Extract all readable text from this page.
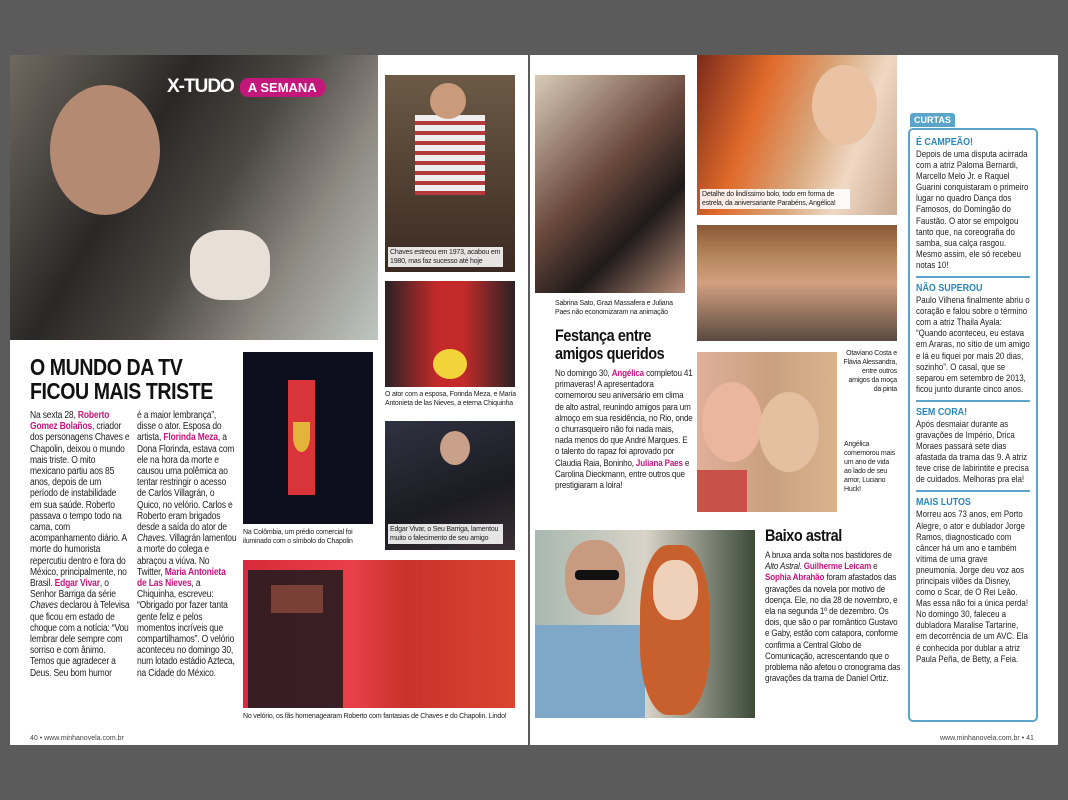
X-TUDO	A SEMANA
O MUNDO DA TV
FICOU MAIS TRISTE
Na sexta 28, Roberto Gomez Bolaños, criador dos personagens Chaves e Chapolin, deixou o mundo mais triste. O mito mexicano partiu aos 85 anos, depois de um período de instabilidade em sua saúde. Roberto passava o tempo todo na cama, com acompanhamento diário. A morte do humorista repercutiu dentro e fora do México, principalmente, no Brasil. Edgar Vivar, o Senhor Barriga da série Chaves declarou à Televisa que ficou em estado de choque com a notícia: “Vou lembrar dele sempre com sorriso e com ânimo. Temos que agradecer a Deus. Seu bom humor
é a maior lembrança”, disse o ator. Esposa do artista, Florinda Meza, a Dona Florinda, estava com ele na hora da morte e causou uma polêmica ao tentar restringir o acesso de Carlos Villagrán, o Quico, no velório. Carlos e Roberto eram brigados desde a saída do ator de Chaves. Villagrán lamentou a morte do colega e abraçou a viúva. No Twitter, Maria Antonieta de Las Nieves, a Chiquinha, escreveu: “Obrigado por fazer tanta gente feliz e pelos momentos incríveis que compartilhamos”. O velório aconteceu no domingo 30, num lotado estádio Azteca, na Cidade do México.
Na Colômbia, um prédio comercial foi iluminado com o símbolo do Chapolin
No velório, os fãs homenagearam Roberto com fantasias de Chaves e do Chapolin. Lindo!
Chaves estreou em 1973, acabou em 1980, mas faz sucesso até hoje
O ator com a esposa, Forinda Meza, e María Antonieta de las Nieves, a eterna Chiquinha
Edgar Vivar, o Seu Barriga, lamentou muito o falecimento de seu amigo
40 • www.minhanovela.com.br
Sabrina Sato, Grazi Massafera e Juliana Paes não economizaram na animação
Festança entre
amigos queridos
No domingo 30, Angélica completou 41 primaveras! A apresentadora comemorou seu aniversário em clima de alto astral, reunindo amigos para um almoço em sua residência, no Rio, onde o churrasqueiro não foi nada mais, nada menos do que André Marques. E o talento do rapaz foi aprovado por Claudia Raia, Boninho, Juliana Paes e Carolina Dieckmann, entre outros que prestigiaram a loira!
Detalhe do lindíssimo bolo, todo em forma de estrela, da aniversariante Parabéns, Angélica!
Otaviano Costa e Flávia Alessandra, entre outros amigos da moça da pinta
Angélica comemorou mais um ano de vida ao lado de seu amor, Luciano Huck!
Baixo astral
A bruxa anda solta nos bastidores de Alto Astral. Guilherme Leicam e Sophia Abrahão foram afastados das gravações da novela por motivo de doença. Ele, no dia 28 de novembro, e ela na segunda 1º de dezembro. Os dois, que são o par romântico Gustavo e Gaby, estão com catapora, conforme confirma a Central Globo de Comunicação, acrescentando que o problema não afetou o cronograma das gravações da trama de Daniel Ortiz.
CURTAS
É CAMPEÃO!

Depois de uma disputa acirrada com a atriz Paloma Bernardi, Marcello Melo Jr. e Raquel Guarini conquistaram o primeiro lugar no quadro Dança dos Famosos, do Domingão do Faustão. O ator se empolgou tanto que, na coreografia do samba, sua calça rasgou. Mesmo assim, ele só recebeu notas 10!

NÃO SUPEROU

Paulo Vilhena finalmente abriu o coração e falou sobre o término com a atriz Thaila Ayala: “Quando aconteceu, eu estava em Araras, no sítio de um amigo e lá eu fiquei por mais 20 dias, sozinho”. O casal, que se separou em setembro de 2013, ficou junto durante cinco anos.

SEM CORA!

Após desmaiar durante as gravações de Império, Drica Moraes passará sete dias afastada da trama das 9. A atriz teve crise de labirintite e precisa de cuidados. Melhoras pra ela!

MAIS LUTOS

Morreu aos 73 anos, em Porto Alegre, o ator e dublador Jorge Ramos, diagnosticado com câncer há um ano e também vítima de uma grave pneumonia. Jorge deu voz aos principais vilões da Disney, como o Scar, de O Rei Leão. Mas essa não foi a única perda! No domingo 30, faleceu a dubladora Maralise Tartarine, em decorrência de um AVC. Ela é conhecida por dublar a atriz Paula Peña, de Betty, a Feia.

www.minhanovela.com.br • 41
